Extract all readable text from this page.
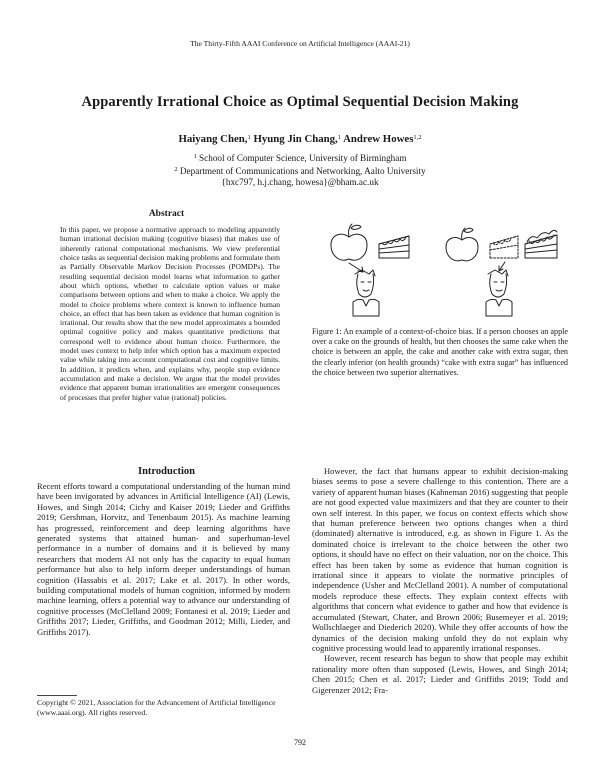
The Thirty-Fifth AAAI Conference on Artificial Intelligence (AAAI-21)
Apparently Irrational Choice as Optimal Sequential Decision Making
Haiyang Chen,$^1$ Hyung Jin Chang,$^1$ Andrew Howes$^{1,2}$
$^1$ School of Computer Science, University of Birmingham
$^2$ Department of Communications and Networking, Aalto University
{hxc797, h.j.chang, howesa}@bham.ac.uk
Abstract
In this paper, we propose a normative approach to modeling apparently human irrational decision making (cognitive biases) that makes use of inherently rational computational mechanisms. We view preferential choice tasks as sequential decision making problems and formulate them as Partially Observable Markov Decision Processes (POMDPs). The resulting sequential decision model learns what information to gather about which options, whether to calculate option values or make comparisons between options and when to make a choice. We apply the model to choice problems where context is known to influence human choice, an effect that has been taken as evidence that human cognition is irrational. Our results show that the new model approximates a bounded optimal cognitive policy and makes quantitative predictions that correspond well to evidence about human choice. Furthermore, the model uses context to help infer which option has a maximum expected value while taking into account computational cost and cognitive limits. In addition, it predicts when, and explains why, people stop evidence accumulation and make a decision. We argue that the model provides evidence that apparent human irrationalities are emergent consequences of processes that prefer higher value (rational) policies.
Introduction
Recent efforts toward a computational understanding of the human mind have been invigorated by advances in Artificial Intelligence (AI) (Lewis, Howes, and Singh 2014; Cichy and Kaiser 2019; Lieder and Griffiths 2019; Gershman, Horvitz, and Tenenbaum 2015). As machine learning has progressed, reinforcement and deep learning algorithms have generated systems that attained human- and superhuman-level performance in a number of domains and it is believed by many researchers that modern AI not only has the capacity to equal human performance but also to help inform deeper understandings of human cognition (Hassabis et al. 2017; Lake et al. 2017). In other words, building computational models of human cognition, informed by modern machine learning, offers a potential way to advance our understanding of cognitive processes (McClelland 2009; Fontanesi et al. 2019; Lieder and Griffiths 2017; Lieder, Griffiths, and Goodman 2012; Milli, Lieder, and Griffiths 2017).
Copyright © 2021, Association for the Advancement of Artificial Intelligence (www.aaai.org). All rights reserved.
Figure 1: An example of a context-of-choice bias. If a person chooses an apple over a cake on the grounds of health, but then chooses the same cake when the choice is between an apple, the cake and another cake with extra sugar, then the clearly inferior (on health grounds) “cake with extra sugar” has influenced the choice between two superior alternatives.

However, the fact that humans appear to exhibit decision-making biases seems to pose a severe challenge to this contention. There are a variety of apparent human biases (Kahneman 2016) suggesting that people are not good expected value maximizers and that they are counter to their own self interest. In this paper, we focus on context effects which show that human preference between two options changes when a third (dominated) alternative is introduced, e.g. as shown in Figure 1. As the dominated choice is irrelevant to the choice between the other two options, it should have no effect on their valuation, nor on the choice. This effect has been taken by some as evidence that human cognition is irrational since it appears to violate the normative principles of independence (Usher and McClelland 2001). A number of computational models reproduce these effects. They explain context effects with algorithms that concern what evidence to gather and how that evidence is accumulated (Stewart, Chater, and Brown 2006; Busemeyer et al. 2019; Wollschlaeger and Diederich 2020). While they offer accounts of how the dynamics of the decision making unfold they do not explain why cognitive processing would lead to apparently irrational responses.

However, recent research has begun to show that people may exhibit rationality more often than supposed (Lewis, Howes, and Singh 2014; Chen 2015; Chen et al. 2017; Lieder and Griffiths 2019; Todd and Gigerenzer 2012; Fra-

792
